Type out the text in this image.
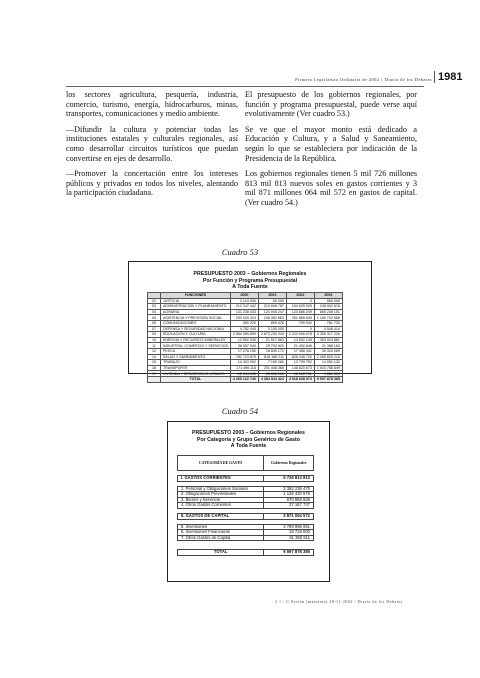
Primera Legislatura Ordinaria de 2002 | Diario de los Debates 1981

los sectores agricultura, pesquería, industria, comercio, turismo, energía, hidrocarburos, minas, transportes, comunicaciones y medio ambiente.

—Difundir la cultura y potenciar todas las instituciones estatales y culturales regionales, así como desarrollar circuitos turísticos que puedan convertirse en ejes de desarrollo.

—Promover la concertación entre los intereses públicos y privados en todos los niveles, alentando la participación ciudadana.

El presupuesto de los gobiernos regionales, por función y programa presupuestal, puede verse aquí evolutivamente (Ver cuadro 53.)

Se ve que el mayor monto está dedicado a Educación y Cultura, y a Salud y Saneamiento, según lo que se estableciera por indicación de la Presidencia de la República.

Los gobiernos regionales tienen 5 mil 726 millones 813 mil 813 nuevos soles en gastos corrientes y 3 mil 871 millones 064 mil 572 en gastos de capital. (Ver cuadro 54.)

Cuadro 53
PRESUPUESTO 2003 – Gobiernos Regionales
Por Función y Programa Presupuestal
A Toda Fuente
	FUNCIONES	2000	2001	2002	2003
02	JUSTICIA	2 124 000	50 000	0	550 000
03	ADMINISTRACIÓN Y PLANEAMIENTO	212 247 442	213 608 787	164 625 025	248 502 878
04	AGRARIA	131 238 433	124 045 247	123 886 249	665 208 151
05	ASISTENCIA Y PREVISIÓN SOCIAL	253 029 423	248 352 563	251 865 643	1 160 722 668
06	COMUNICACIONES	390 220	899 476	790 942	781 730
07	DEFENSA Y SEGURIDAD NACIONAL	4 782 440	3 150 000	0	4 546 414
09	EDUCACIÓN Y CULTURA	2 564 389 899	2 673 230 343	2 223 906 678	3 355 317 226
10	ENERGÍA Y RECURSOS MINERALES	12 892 045	21 517 883	14 902 145	353 924 881
11	INDUSTRIA, COMERCIO Y SERVICIOS	36 057 940	29 793 920	21 402 846	21 388 163
12	PESCA	17 278 150	18 849 172	17 468 441	26 315 069
14	SALUD Y SANEAMIENTO	782 723 879	818 166 211	826 246 720	2 260 829 210
15	TRABAJO	14 303 902	7 150 260	12 799 752	14 051 132
16	TRANSPORTE	171 496 118	201 446 365	148 820 673	1 043 758 849
17	VIVIENDA Y DESARROLLO URBANO	12 244 845	26 838 160	12 163 761	9 881 594
	TOTAL	4 265 122 746	4 384 544 424	4 918 638 973	9 597 878 385
Cuadro 54
PRESUPUESTO 2003 – Gobiernos Regionales
Por Categoría y Grupo Genérico de Gasto
A Toda Fuente
CATEGORÍA DE GASTO	Gobiernos Regionales

I. GASTOS CORRIENTES	5 726 813 813

1. Personal y Obligaciones Sociales	3 392 236 475
2. Obligaciones Previsionales	1 126 420 675
3. Bienes y Servicios	670 968 926
4. Otros Gastos Corrientes	37 187 737

II. GASTOS DE CAPITAL	3 871 064 572

5. Inversiones	3 789 996 061
6. Inversiones Financieras	19 718 000
7. Otros Gastos de Capital	61 350 511

TOTAL	9 597 878 385
2 1 - C Sesión (matutina) 28-11-2002 - Diario de los Debates
